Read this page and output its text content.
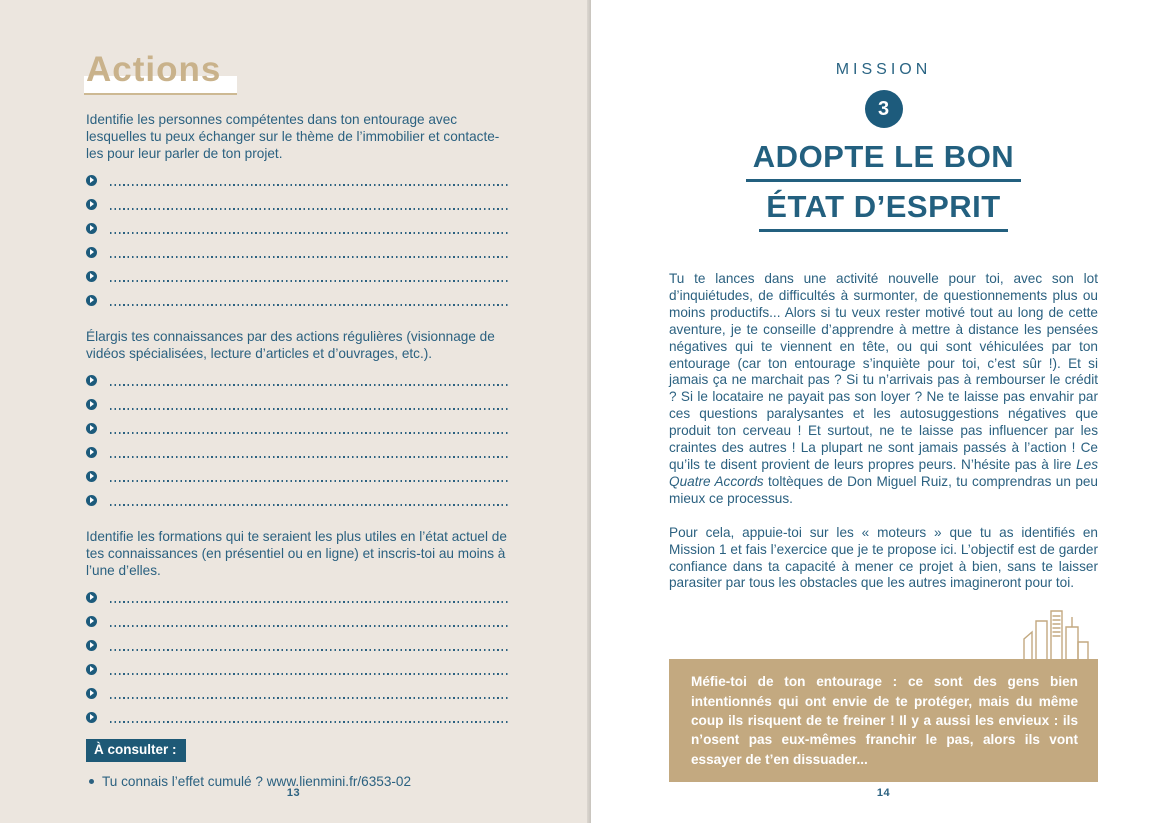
Actions

Identifie les personnes compétentes dans ton entourage avec lesquelles tu peux échanger sur le thème de l’immobilier et contacte-les pour leur parler de ton projet.

Élargis tes connaissances par des actions régulières (visionnage de vidéos spécialisées, lecture d’articles et d’ouvrages, etc.).

Identifie les formations qui te seraient les plus utiles en l’état actuel de tes connaissances (en présentiel ou en ligne) et inscris-toi au moins à l’une d’elles.

À consulter :
Tu connais l’effet cumulé ? www.lienmini.fr/6353-02
13
MISSION
3
ADOPTE LE BON
ÉTAT D’ESPRIT

Tu te lances dans une activité nouvelle pour toi, avec son lot d’inquiétudes, de difficultés à surmonter, de questionnements plus ou moins productifs... Alors si tu veux rester motivé tout au long de cette aventure, je te conseille d’apprendre à mettre à distance les pensées négatives qui te viennent en tête, ou qui sont véhiculées par ton entourage (car ton entourage s’inquiète pour toi, c’est sûr !). Et si jamais ça ne marchait pas ? Si tu n’arrivais pas à rembourser le crédit ? Si le locataire ne payait pas son loyer ? Ne te laisse pas envahir par ces questions paralysantes et les autosuggestions négatives que produit ton cerveau ! Et surtout, ne te laisse pas influencer par les craintes des autres ! La plupart ne sont jamais passés à l’action ! Ce qu’ils te disent provient de leurs propres peurs. N’hésite pas à lire Les Quatre Accords toltèques de Don Miguel Ruiz, tu comprendras un peu mieux ce processus.

Pour cela, appuie-toi sur les « moteurs » que tu as identifiés en Mission 1 et fais l’exercice que je te propose ici. L’objectif est de garder confiance dans ta capacité à mener ce projet à bien, sans te laisser parasiter par tous les obstacles que les autres imagineront pour toi.

Méfie-toi de ton entourage : ce sont des gens bien intentionnés qui ont envie de te protéger, mais du même coup ils risquent de te freiner ! Il y a aussi les envieux : ils n’osent pas eux-mêmes franchir le pas, alors ils vont essayer de t’en dissuader...
14
